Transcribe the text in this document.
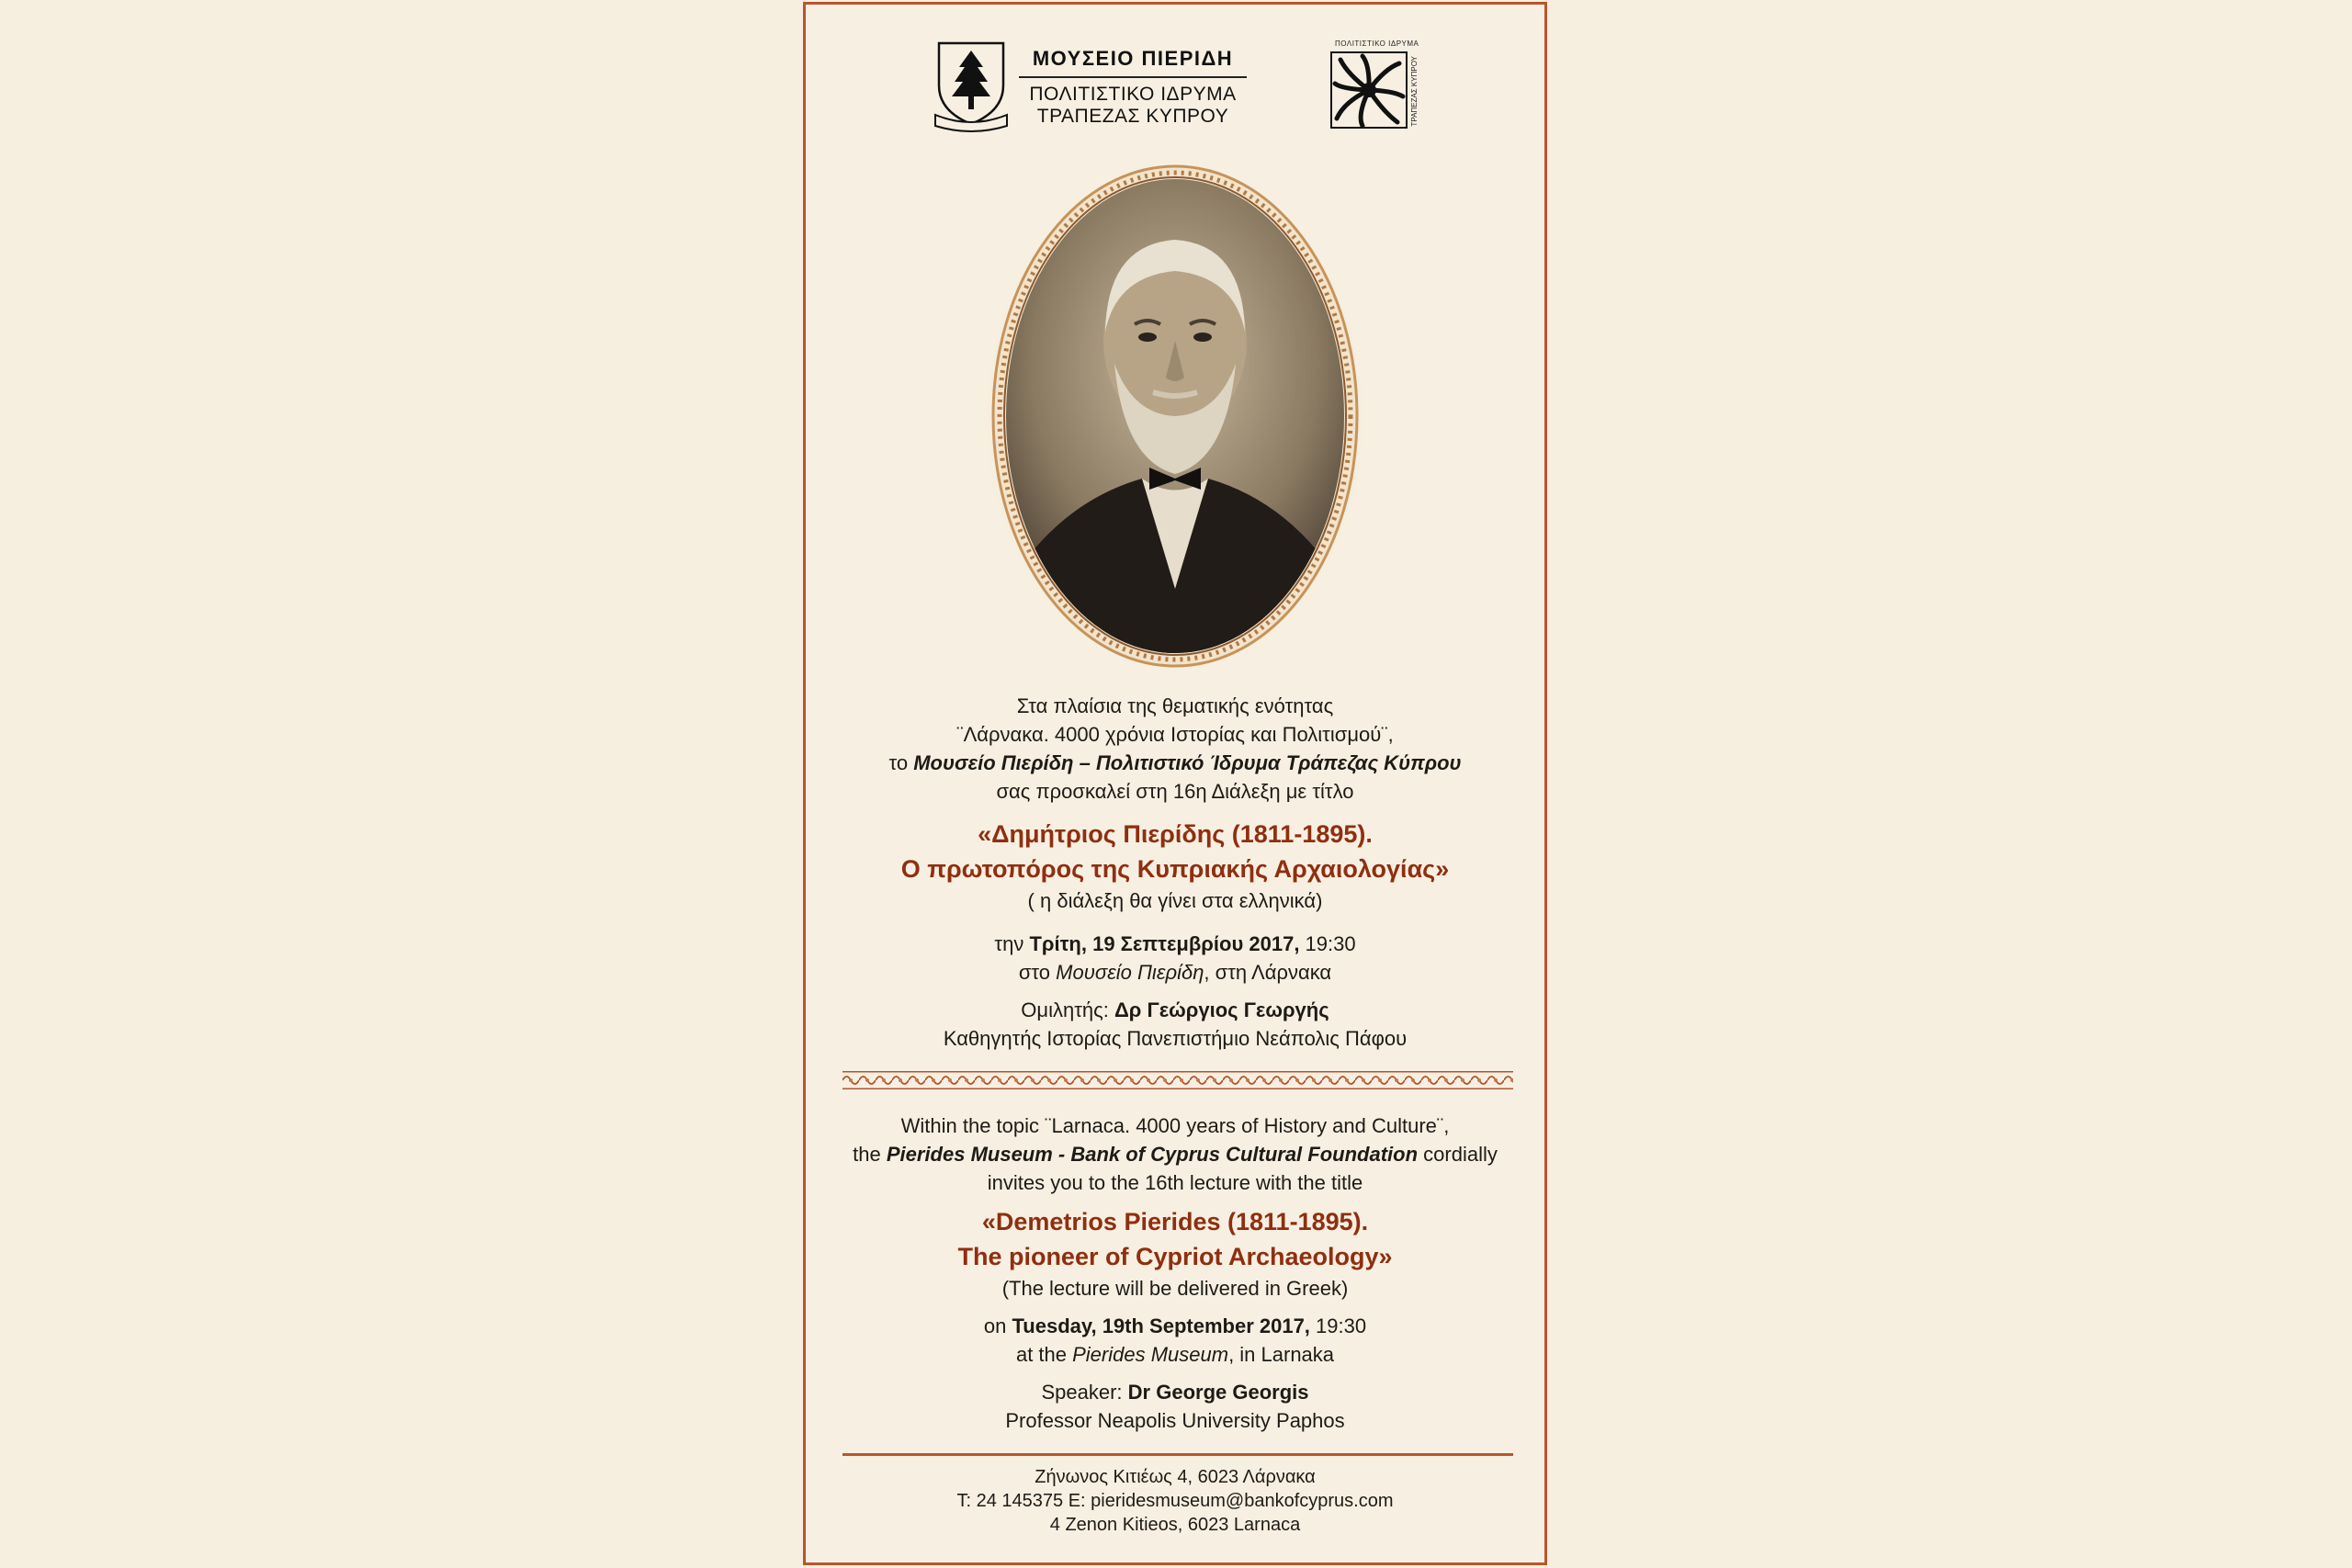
ΜΟΥΣΕΙΟ ΠΙΕΡΙΔΗ
ΠΟΛΙΤΙΣΤΙΚΟ ΙΔΡΥΜΑ
ΤΡΑΠΕΖΑΣ ΚΥΠΡΟΥ
ΠΟΛΙΤΙΣΤΙΚΟ ΙΔΡΥΜΑ
ΤΡΑΠΕΖΑΣ ΚΥΠΡΟΥ
Στα πλαίσια της θεματικής ενότητας
¨Λάρνακα. 4000 χρόνια Ιστορίας και Πολιτισμού¨,
το Μουσείο Πιερίδη – Πολιτιστικό Ίδρυμα Τράπεζας Κύπρου
σας προσκαλεί στη 16η Διάλεξη με τίτλο
«Δημήτριος Πιερίδης (1811-1895).
Ο πρωτοπόρος της Κυπριακής Αρχαιολογίας»
( η διάλεξη θα γίνει στα ελληνικά)
την Τρίτη, 19 Σεπτεμβρίου 2017, 19:30
στο Μουσείο Πιερίδη, στη Λάρνακα
Ομιλητής: Δρ Γεώργιος Γεωργής
Καθηγητής Ιστορίας Πανεπιστήμιο Νεάπολις Πάφου
Within the topic ¨Larnaca. 4000 years of History and Culture¨,
the Pierides Museum - Bank of Cyprus Cultural Foundation cordially
invites you to the 16th lecture with the title
«Demetrios Pierides (1811-1895).
The pioneer of Cypriot Archaeology»
(The lecture will be delivered in Greek)
on Tuesday, 19th September 2017, 19:30
at the Pierides Museum, in Larnaka
Speaker: Dr George Georgis
Professor Neapolis University Paphos
Ζήνωνος Κιτιέως 4, 6023 Λάρνακα
T: 24 145375 E: pieridesmuseum@bankofcyprus.com
4 Zenon Kitieos, 6023 Larnaca
